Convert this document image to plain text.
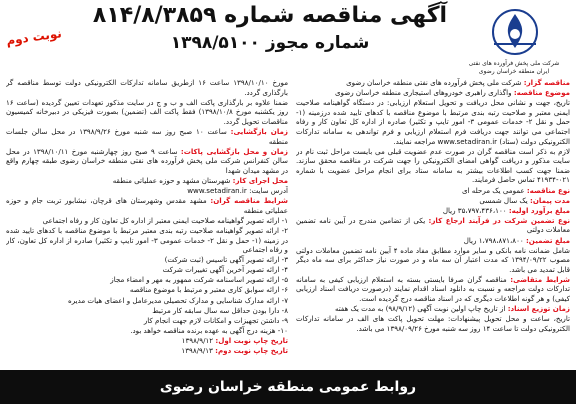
شرکت ملی پخش فرآورده های نفتی ایران منطقه خراسان رضوی
آگهی مناقصه شماره ۸۱۴/۸/۳۸۵۹
شماره مجوز ۱۳۹۸/۵۱۰۰
نوبت دوم

مناقصه گزار: شرکت ملی پخش فرآورده های نفتی منطقه خراسان رضوی

موضوع مناقصه: واگذاری راهبری خودروهای استیجاری منطقه خراسان رضوی

تاریخ، جهت و نشانی محل دریافت و تحویل استعلام ارزیابی: در دستگاه گواهینامه صلاحیت ایمنی معتبر و صلاحیت رتبه بندی مرتبط با موضوع مناقصه با کدهای تایید شده درزمینه (۱- حمل و نقل ۲- خدمات عمومی ۳- امور تایپ و تکثیر) صادره از اداره کل تعاون کار و رفاه اجتماعی می توانند جهت دریافت فرم استعلام ارزیابی و فرم تواندهی به سامانه تدارکات الکترونیکی دولت (ستاد) www.setadiran.ir مراجعه نمایند.

لازم به ذکر است مناقصه گران در صورت عدم عضویت قبلی می بایست مراحل ثبت نام در سایت مذکور و دریافت گواهی امضای الکترونیکی را جهت شرکت در مناقصه محقق سازند. ضمنا جهت کسب اطلاعات بیشتر به سامانه ستاد برای انجام مراحل عضویت با شماره ۰۲۱-۴۱۹۳۴ تماس حاصل فرمایند.

نوع مناقصه: عمومی یک مرحله ای

مدت پیمان: یک سال شمسی

مبلغ برآورد اولیه: ۳۵،۷۹۷،۴۳۶،۱۰۰ ریال

نوع تضمین شرکت در فرآیند ارجاع کار: یکی از تضامین مندرج در آیین نامه تضمین معاملات دولتی

مبلغ تضمین: ۱،۷۹۸،۸۷۱،۸۰۰ ریال

شامل ضمانت نامه بانکی و سایر موارد مطابق مفاد ماده ۴ آیین نامه تضمین معاملات دولتی مصوب ۱۳۹۴/۰۹/۲۲ که مدت اعتبار آن سه ماه و در صورت نیاز حداکثر برای سه ماه دیگر قابل تمدید می باشد.

شرایط متقاضی: مناقصه گران صرفا بایستی بسته به استعلام ارزیابی کیفی به سامانه تدارکات دولت مراجعه و نسبت به دانلود اسناد اقدام نمایند (درصورت دریافت اسناد ارزیابی کیفی) و هر گونه اطلاعات دیگری که در اسناد مناقصه درج گردیده است.

زمان توزیع اسناد: از تاریخ چاپ اولین نوبت آگهی (۹۸/۹/۱۲) به مدت یک هفته

تاریخ، ساعت و محل تحویل پیشنهادات: مهلت تحویل پاکت های الف در سامانه تدارکات الکترونیکی دولت تا ساعت ۱۴ روز سه شنبه مورخ ۱۳۹۸/۰۹/۲۶ می باشد.

مورخ ۱۳۹۸/۱۰/۱۰ ساعت ۱۶ ازطریق سامانه تدارکات الکترونیکی دولت توسط مناقصه گر بارگذاری گردد.

ضمنا علاوه بر بارگذاری پاکت الف و ب و ج در سایت مذکور تعهدات تعیین گردیده (ساعت ۱۶ روز یکشنبه مورخ ۱۳۹۸/۱۰/۸) فقط پاکت الف (تضمین) بصورت فیزیکی در دبیرخانه کمیسیون مناقصات تحویل گردد.

زمان بازگشایی: ساعت ۱۰ صبح روز سه شنبه مورخ ۱۳۹۸/۹/۲۶ در محل سالن جلسات منطقه

زمان و محل بازگشایی پاکات: ساعت ۹ صبح روز چهارشنبه مورخ ۱۳۹۸/۱۰/۱۱ در محل سالن کنفرانس شرکت ملی پخش فرآورده های نفتی منطقه خراسان رضوی طبقه چهارم واقع در مشهد میدان شهدا

محل اجرای کار: شهرستان مشهد و حوزه عملیاتی منطقه

آدرس سایت: www.setadiran.ir

شرایط مناقصه گران: مشهد مقدس وشهرستان های قرچان، نیشابور تربت جام و حوزه عملیاتی منطقه

۱- ارائه تصویر گواهینامه صلاحیت ایمنی معتبر از اداره کل تعاون کار و رفاه اجتماعی

۲- ارائه تصویر گواهینامه صلاحیت رتبه بندی معتبر مرتبط با موضوع مناقصه با کدهای تایید شده در زمینه (۱- حمل و نقل ۲- خدمات عمومی ۳- امور تایپ و تکثیر) صادره از اداره کل تعاون، کار و رفاه اجتماعی

۳- ارائه تصویر آگهی تاسیس (ثبت شرکت)

۴- ارائه تصویر آخرین آگهی تغییرات شرکت

۵- ارائه تصویر اساسنامه شرکت ممهور به مهر و امضاء مجاز

۶- ارائه سوابق کاری معتبر و مرتبط با موضوع مناقصه

۷- ارائه مدارک شناسایی و مدارک تحصیلی مدیرعامل و اعضای هیات مدیره

۸- دارا بودن حداقل سه سال سابقه کار مرتبط

۹- داشتن تجهیزات و امکانات لازم جهت انجام کار

۱۰- هزینه درج آگهی به عهده برنده مناقصه خواهد بود.

تاریخ چاپ نوبت اول: ۱۳۹۸/۹/۱۲

تاریخ چاپ نوبت دوم: ۱۳۹۸/۹/۱۳

روابط عمومی منطقه خراسان رضوی
